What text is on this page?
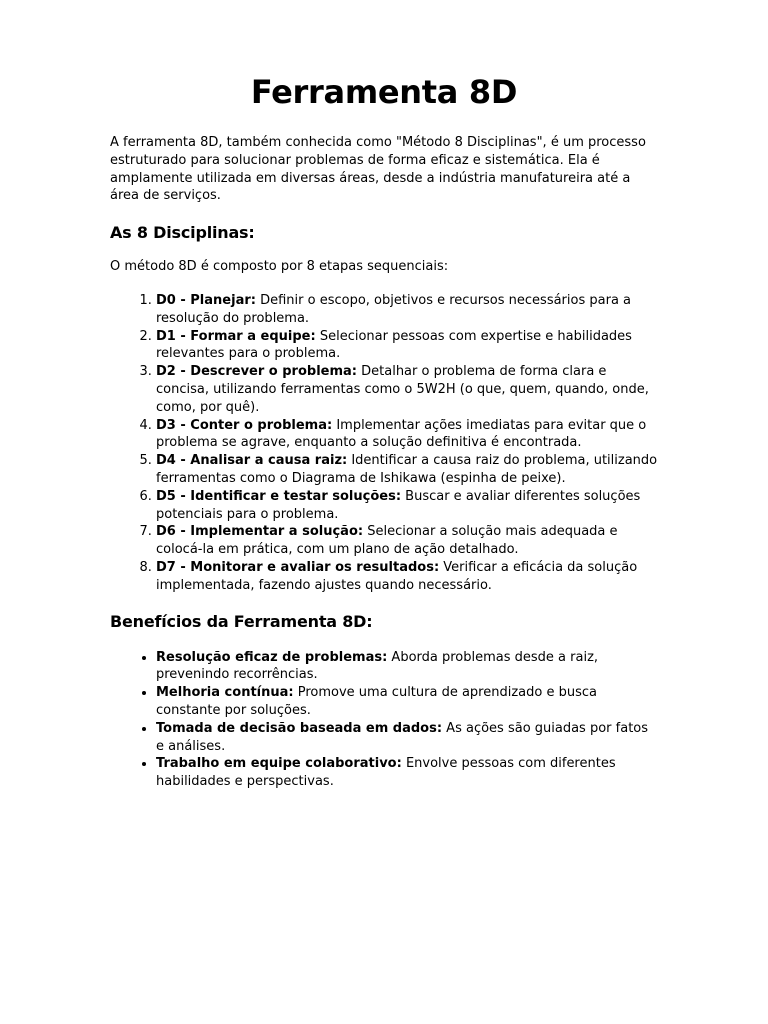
Ferramenta 8D

A ferramenta 8D, também conhecida como "Método 8 Disciplinas", é um processo estruturado para solucionar problemas de forma eficaz e sistemática. Ela é amplamente utilizada em diversas áreas, desde a indústria manufatureira até a área de serviços.

As 8 Disciplinas:

O método 8D é composto por 8 etapas sequenciais:

1. D0 - Planejar: Definir o escopo, objetivos e recursos necessários para a resolução do problema.
2. D1 - Formar a equipe: Selecionar pessoas com expertise e habilidades relevantes para o problema.
3. D2 - Descrever o problema: Detalhar o problema de forma clara e concisa, utilizando ferramentas como o 5W2H (o que, quem, quando, onde, como, por quê).
4. D3 - Conter o problema: Implementar ações imediatas para evitar que o problema se agrave, enquanto a solução definitiva é encontrada.
5. D4 - Analisar a causa raiz: Identificar a causa raiz do problema, utilizando ferramentas como o Diagrama de Ishikawa (espinha de peixe).
6. D5 - Identificar e testar soluções: Buscar e avaliar diferentes soluções potenciais para o problema.
7. D6 - Implementar a solução: Selecionar a solução mais adequada e colocá-la em prática, com um plano de ação detalhado.
8. D7 - Monitorar e avaliar os resultados: Verificar a eficácia da solução implementada, fazendo ajustes quando necessário.
Benefícios da Ferramenta 8D:
• Resolução eficaz de problemas: Aborda problemas desde a raiz, prevenindo recorrências.
• Melhoria contínua: Promove uma cultura de aprendizado e busca constante por soluções.
• Tomada de decisão baseada em dados: As ações são guiadas por fatos e análises.
• Trabalho em equipe colaborativo: Envolve pessoas com diferentes habilidades e perspectivas.
